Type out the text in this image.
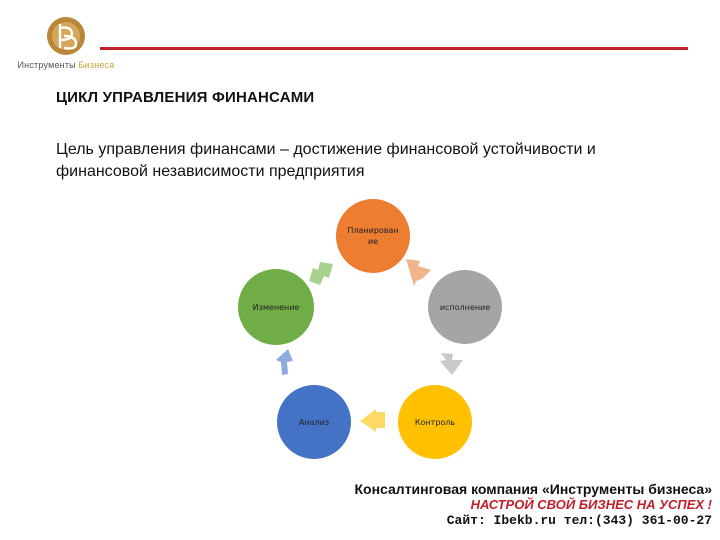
Инструменты Бизнеса
ЦИКЛ УПРАВЛЕНИЯ ФИНАНСАМИ
Цель управления финансами – достижение финансовой устойчивости и
финансовой независимости предприятия
Планирован
ие
исполнение
Контроль
Анализ
Изменение
Консалтинговая компания «Инструменты бизнеса»
НАСТРОЙ СВОЙ БИЗНЕС НА УСПЕХ !
Сайт: Ibekb.ru тел:(343) 361-00-27
